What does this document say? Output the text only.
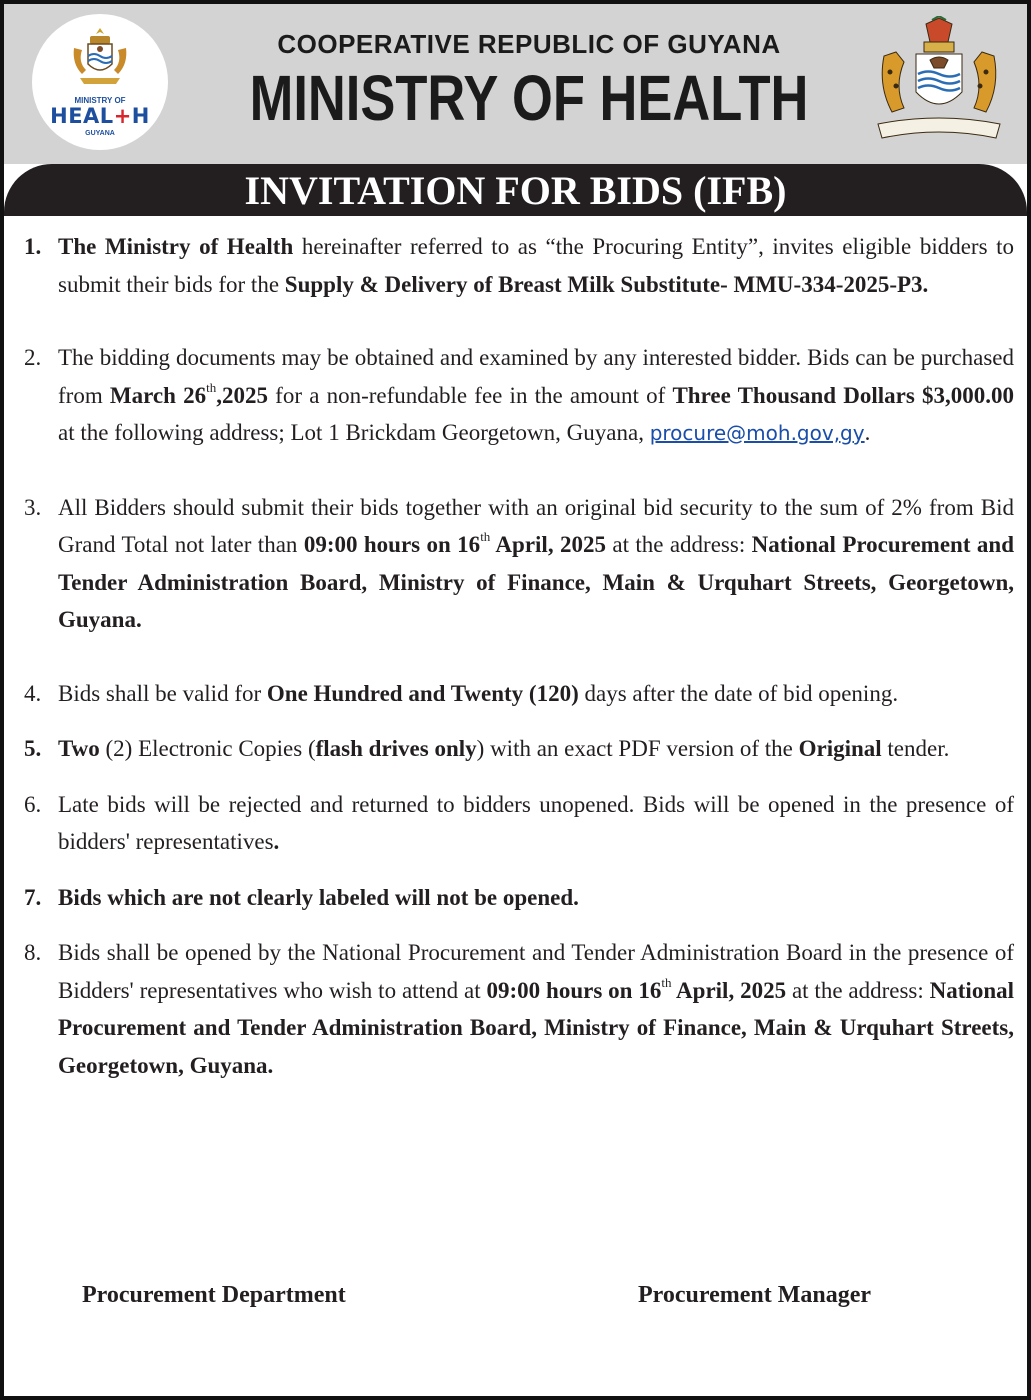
MINISTRY OF
HEAL+H
GUYANA
COOPERATIVE REPUBLIC OF GUYANA
MINISTRY OF HEALTH
INVITATION FOR BIDS (IFB)
1. The Ministry of Health hereinafter referred to as “the Procuring Entity”, invites eligible bidders to submit their bids for the Supply & Delivery of Breast Milk Substitute- MMU-334-2025-P3.

2. The bidding documents may be obtained and examined by any interested bidder. Bids can be purchased from March 26th,2025 for a non-refundable fee in the amount of Three Thousand Dollars $3,000.00 at the following address; Lot 1 Brickdam Georgetown, Guyana, procure@moh.gov,gy.

3. All Bidders should submit their bids together with an original bid security to the sum of 2% from Bid Grand Total not later than 09:00 hours on 16th April, 2025 at the address: National Procurement and Tender Administration Board, Ministry of Finance, Main & Urquhart Streets, Georgetown, Guyana.

4. Bids shall be valid for One Hundred and Twenty (120) days after the date of bid opening.

5. Two (2) Electronic Copies (flash drives only) with an exact PDF version of the Original tender.

6. Late bids will be rejected and returned to bidders unopened. Bids will be opened in the presence of bidders' representatives.

7. Bids which are not clearly labeled will not be opened.

8. Bids shall be opened by the National Procurement and Tender Administration Board in the presence of Bidders' representatives who wish to attend at 09:00 hours on 16th April, 2025 at the address: National Procurement and Tender Administration Board, Ministry of Finance, Main & Urquhart Streets, Georgetown, Guyana.

Procurement Department	Procurement Manager
